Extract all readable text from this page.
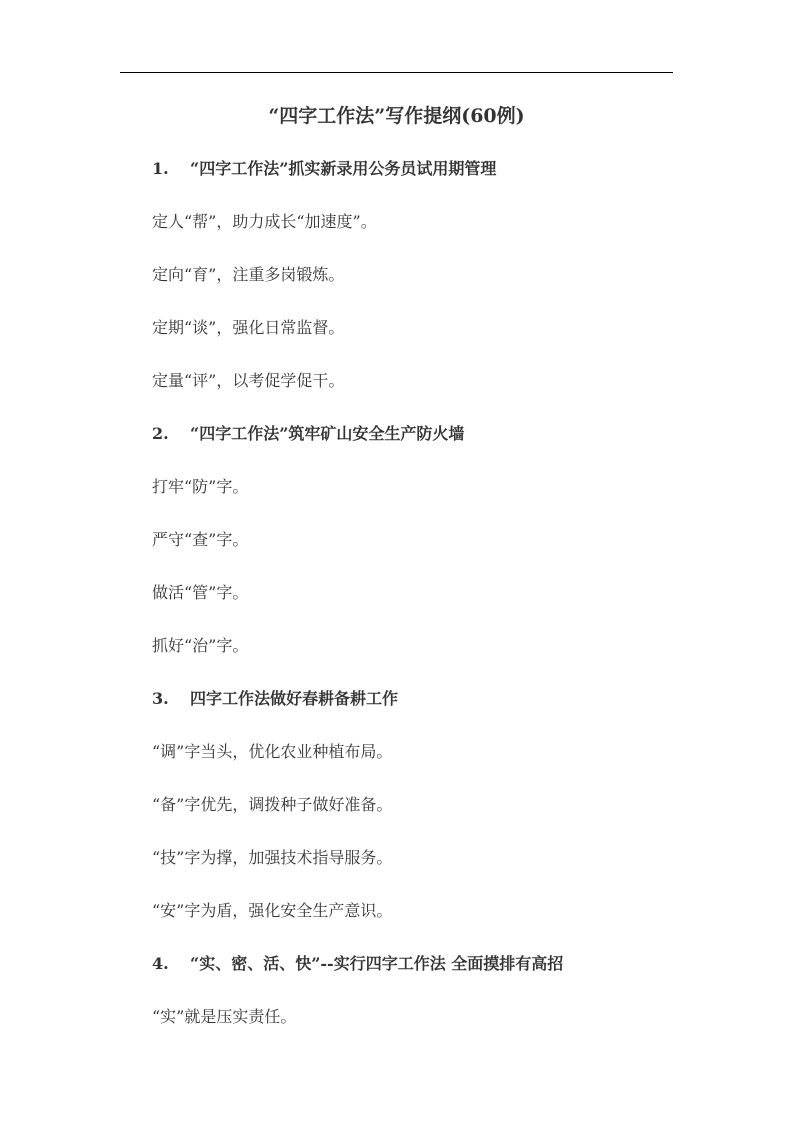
“四字工作法”写作提纲(60例)
1.	“四字工作法”抓实新录用公务员试用期管理
定人“帮”，助力成长“加速度”。
定向“育”，注重多岗锻炼。
定期“谈”，强化日常监督。
定量“评”，以考促学促干。
2.	“四字工作法”筑牢矿山安全生产防火墙
打牢“防”字。
严守“查”字。
做活“管”字。
抓好“治”字。
3.	四字工作法做好春耕备耕工作
“调”字当头，优化农业种植布局。
“备”字优先，调拨种子做好准备。
“技”字为撑，加强技术指导服务。
“安”字为盾，强化安全生产意识。
4.	“实、密、活、快”--实行四字工作法 全面摸排有高招
“实”就是压实责任。
